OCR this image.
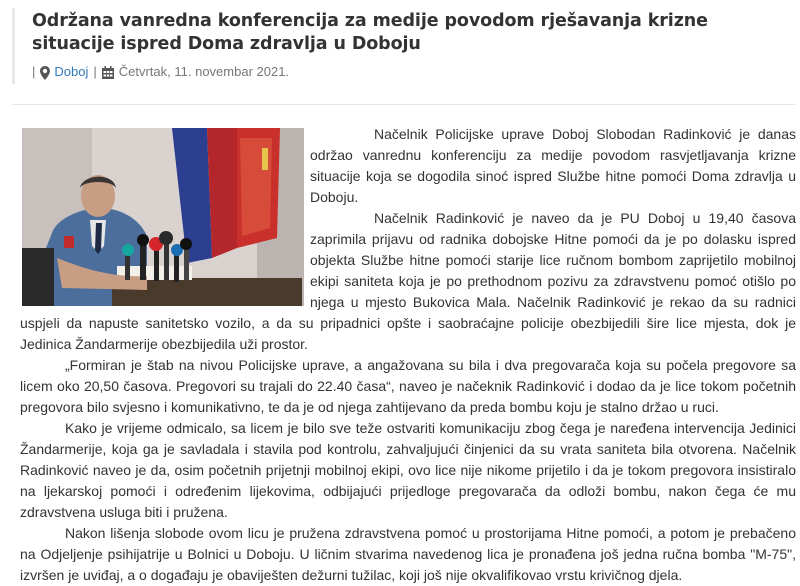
Održana vanredna konferencija za medije povodom rješavanja krizne situacije ispred Doma zdravlja u Doboju
| Doboj | Četvrtak, 11. novembar 2021.

Načelnik Policijske uprave Doboj Slobodan Radinković je danas održao vanrednu konferenciju za medije povodom rasvjetljavanja krizne situacije koja se dogodila sinoć ispred Službe hitne pomoći Doma zdravlja u Doboju.

Načelnik Radinković je naveo da je PU Doboj u 19,40 časova zaprimila prijavu od radnika dobojske Hitne pomoći da je po dolasku ispred objekta Službe hitne pomoći starije lice ručnom bombom zaprijetilo mobilnoj ekipi saniteta koja je po prethodnom pozivu za zdravstvenu pomoć otišlo po njega u mjesto Bukovica Mala. Načelnik Radinković je rekao da su radnici uspjeli da napuste sanitetsko vozilo, a da su pripadnici opšte i saobraćajne policije obezbijedili šire lice mjesta, dok je Jedinica Žandarmerije obezbijedila uži prostor.

„Formiran je štab na nivou Policijske uprave, a angažovana su bila i dva pregovarača koja su počela pregovore sa licem oko 20,50 časova. Pregovori su trajali do 22.40 časa“, naveo je načeknik Radinković i dodao da je lice tokom početnih pregovora bilo svjesno i komunikativno, te da je od njega zahtijevano da preda bombu koju je stalno držao u ruci.

Kako je vrijeme odmicalo, sa licem je bilo sve teže ostvariti komunikaciju zbog čega je naređena intervencija Jedinici Žandarmerije, koja ga je savladala i stavila pod kontrolu, zahvaljujući činjenici da su vrata saniteta bila otvorena. Načelnik Radinković naveo je da, osim početnih prijetnji mobilnoj ekipi, ovo lice nije nikome prijetilo i da je tokom pregovora insistiralo na ljekarskoj pomoći i određenim lijekovima, odbijajući prijedloge pregovarača da odloži bombu, nakon čega će mu zdravstvena usluga biti i pružena.

Nakon lišenja slobode ovom licu je pružena zdravstvena pomoć u prostorijama Hitne pomoći, a potom je prebačeno na Odjeljenje psihijatrije u Bolnici u Doboju. U ličnim stvarima navedenog lica je pronađena još jedna ručna bomba "M-75", izvršen je uviđaj, a o događaju je obaviješten dežurni tužilac, koji još nije okvalifikovao vrstu krivičnog djela.
